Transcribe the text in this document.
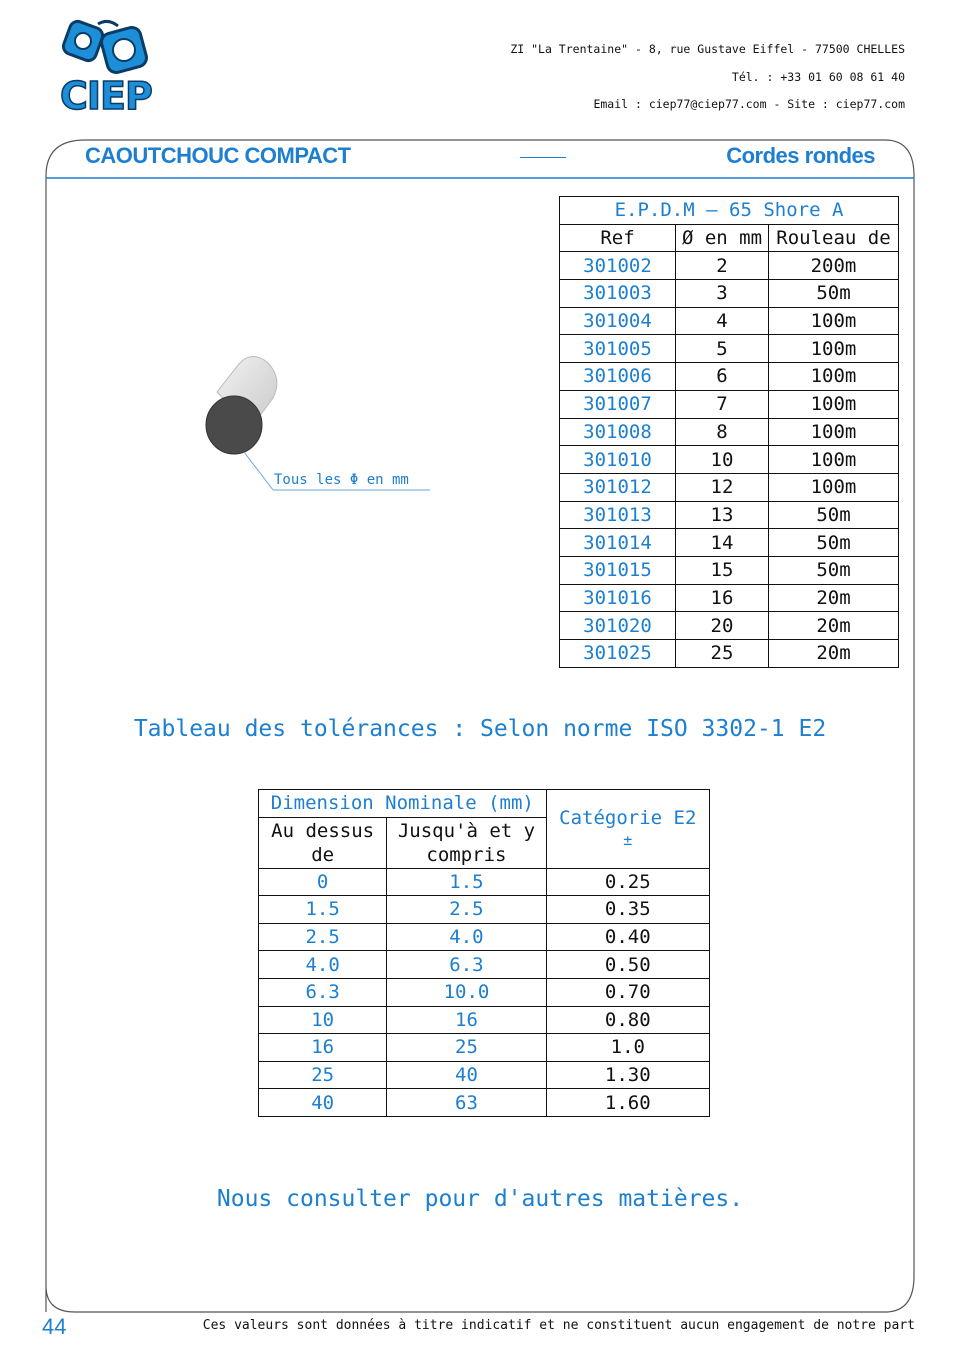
CIEP
ZI "La Trentaine" - 8, rue Gustave Eiffel - 77500 CHELLES
Tél. : +33 01 60 08 61 40
Email : ciep77@ciep77.com - Site : ciep77.com
CAOUTCHOUC COMPACT	Cordes rondes
Tous les Φ en mm
E.P.D.M – 65 Shore A		
Ref	Ø en mm	Rouleau de
301002	2	200m
301003	3	50m
301004	4	100m
301005	5	100m
301006	6	100m
301007	7	100m
301008	8	100m
301010	10	100m
301012	12	100m
301013	13	50m
301014	14	50m
301015	15	50m
301016	16	20m
301020	20	20m
301025	25	20m
Tableau des tolérances : Selon norme ISO 3302-1 E2
Dimension Nominale (mm)		Catégorie E2
±

Au dessus de	Jusqu'à et y compris	
0	1.5	0.25
1.5	2.5	0.35
2.5	4.0	0.40
4.0	6.3	0.50
6.3	10.0	0.70
10	16	0.80
16	25	1.0
25	40	1.30
40	63	1.60
Nous consulter pour d'autres matières.
44	Ces valeurs sont données à titre indicatif et ne constituent aucun engagement de notre part
